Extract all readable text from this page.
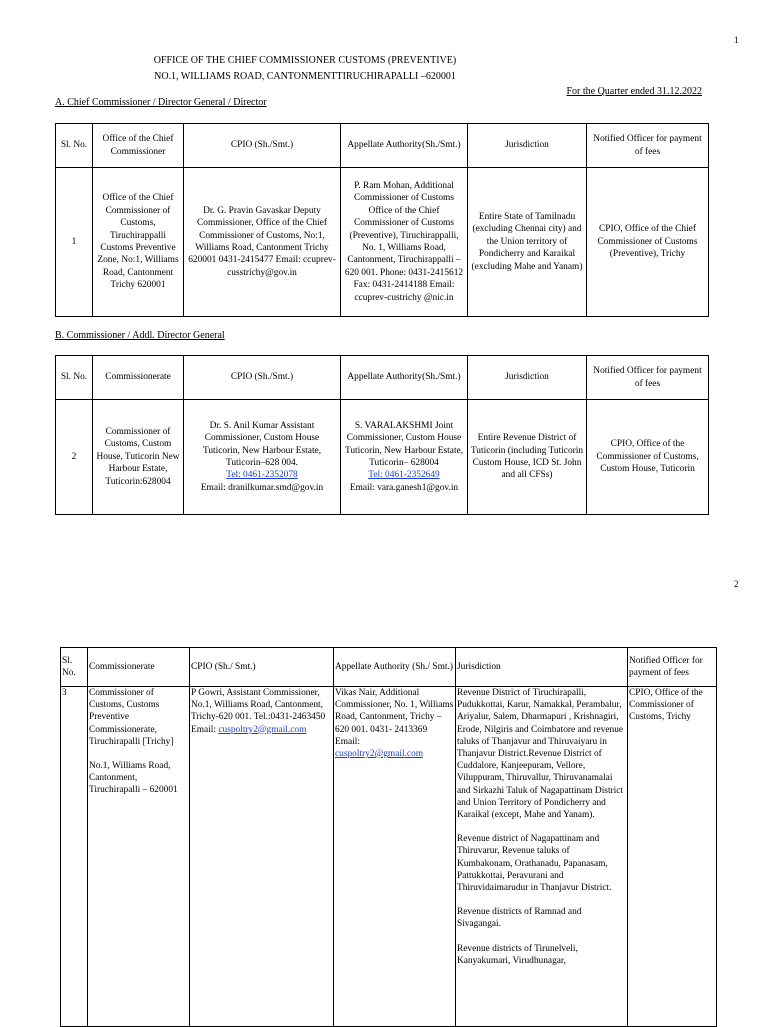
1
OFFICE OF THE CHIEF COMMISSIONER CUSTOMS (PREVENTIVE)
NO.1, WILLIAMS ROAD, CANTONMENTTIRUCHIRAPALLI –620001
For the Quarter ended 31.12.2022
A. Chief Commissioner / Director General / Director
Sl. No.	Office of the Chief Commissioner	CPIO (Sh./Smt.)	Appellate Authority(Sh./Smt.)	Jurisdiction	Notified Officer for payment of fees
1	Office of the Chief Commissioner of Customs, Tiruchirappalli Customs Preventive Zone, No:1, Williams Road, Cantonment Trichy 620001	Dr. G. Pravin Gavaskar Deputy Commissioner, Office of the Chief Commissioner of Customs, No:1, Williams Road, Cantonment Trichy 620001 0431-2415477 Email: ccuprev-cusstrichy@gov.in	P. Ram Mohan, Additional Commissioner of Customs Office of the Chief Commissioner of Customs (Preventive), Tiruchirappalli, No. 1, Williams Road, Cantonment, Tiruchirappalli – 620 001. Phone: 0431-2415612 Fax: 0431-2414188 Email: ccuprev-custrichy @nic.in	Entire State of Tamilnadu (excluding Chennai city) and the Union territory of Pondicherry and Karaikal (excluding Mahe and Yanam)	CPIO, Office of the Chief Commissioner of Customs (Preventive), Trichy
B. Commissioner / Addl. Director General
Sl. No.	Commissionerate	CPIO (Sh./Smt.)	Appellate Authority(Sh./Smt.)	Jurisdiction	Notified Officer for payment of fees
2	Commissioner of Customs, Custom House, Tuticorin New Harbour Estate, Tuticorin:628004	Dr. S. Anil Kumar Assistant Commissioner, Custom House Tuticorin, New Harbour Estate, Tuticorin–628 004.
Tel: 0461-2352078
Email: dranilkumar.smd@gov.in	S. VARALAKSHMI Joint Commissioner, Custom House Tuticorin, New Harbour Estate, Tuticorin– 628004
Tel: 0461-2352649
Email: vara.ganesh1@gov.in	Entire Revenue District of Tuticorin (including Tuticorin Custom House, ICD St. John and all CFSs)	CPIO, Office of the Commissioner of Customs, Custom House, Tuticorin
2
Sl. No.	Commissionerate	CPIO (Sh./ Smt.)	Appellate Authority (Sh./ Smt.)	Jurisdiction	Notified Officer for payment of fees
3	Commissioner of Customs, Customs Preventive Commissionerate, Tiruchirapalli [Trichy]
No.1, Williams Road, Cantonment, Tiruchirapalli – 620001	P Gowri, Assistant Commissioner, No.1, Williams Road, Cantonment, Trichy-620 001. Tel.:0431-2463450
Email: cuspoltry2@gmail.com	Vikas Nair, Additional Commissioner, No. 1, Williams Road, Cantonment, Trichy – 620 001. 0431- 2413369 Email:
cuspoltry2@gmail.com	Revenue District of Tiruchirapalli, Pudukkottai, Karur, Namakkal, Perambalur, Ariyalur, Salem, Dharmapuri , Krishnagiri, Erode, Nilgiris and Coimbatore and revenue taluks of Thanjavur and Thiruvaiyaru in Thanjavur District.Revenue District of Cuddalore, Kanjeepuram, Vellore, Viluppuram, Thiruvallur, Thiruvanamalai and Sirkazhi Taluk of Nagapattinam District and Union Territory of Pondicherry and Karaikal (except, Mahe and Yanam).
Revenue district of Nagapattinam and Thiruvarur, Revenue taluks of Kumbakonam, Orathanadu, Papanasam, Pattukkottai, Peravurani and Thiruvidaimarudur in Thanjavur District.
Revenue districts of Ramnad and Sivagangai.
Revenue districts of Tirunelveli, Kanyakumari, Virudhunagar,	CPIO, Office of the Commissioner of Customs, Trichy
